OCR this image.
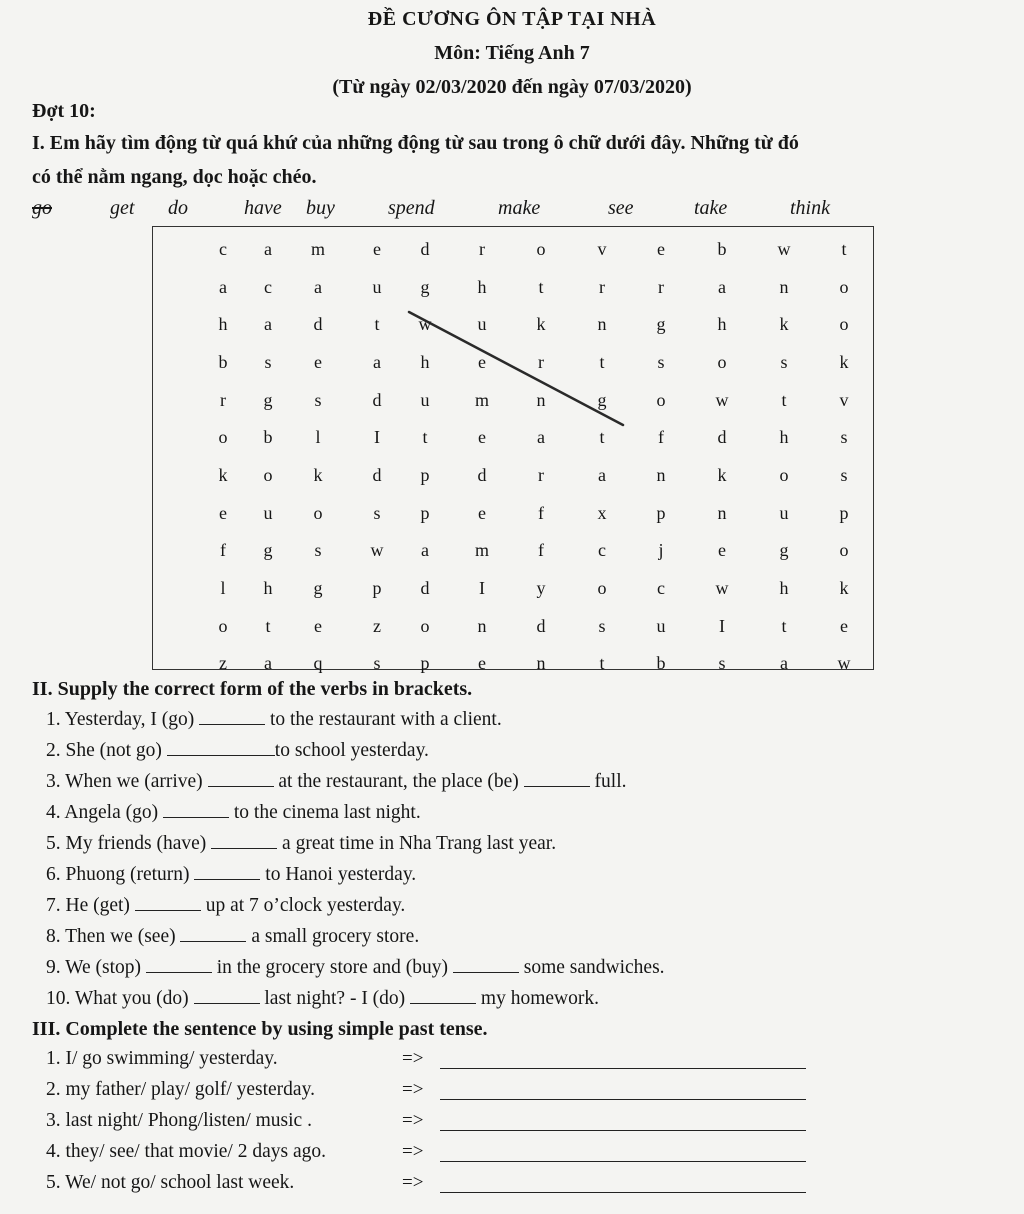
ĐỀ CƯƠNG ÔN TẬP TẠI NHÀ
Môn: Tiếng Anh 7
(Từ ngày 02/03/2020 đến ngày 07/03/2020)
Đợt 10:
I. Em hãy tìm động từ quá khứ của những động từ sau trong ô chữ dưới đây. Những từ đó
có thể nằm ngang, dọc hoặc chéo.
go	get do	have buy	spend	make	see	take	think
c	a	m	e	d	r	o	v	e	b	w	t
a	c	a	u	g	h	t	r	r	a	n	o
h	a	d	t	w	u	k	n	g	h	k	o
b	s	e	a	h	e	r	t	s	o	s	k
r	g	s	d	u	m	n	g	o	w	t	v
o	b	l	I	t	e	a	t	f	d	h	s
k	o	k	d	p	d	r	a	n	k	o	s
e	u	o	s	p	e	f	x	p	n	u	p
f	g	s	w	a	m	f	c	j	e	g	o
l	h	g	p	d	I	y	o	c	w	h	k
o	t	e	z	o	n	d	s	u	I	t	e
z	a	q	s	p	e	n	t	b	s	a	w
II. Supply the correct form of the verbs in brackets.
1. Yesterday, I (go)	to the restaurant with a client.
2. She (not go)	to school yesterday.
3. When we (arrive)	at the restaurant, the place (be)	full.
4. Angela (go)	to the cinema last night.
5. My friends (have)	a great time in Nha Trang last year.
6. Phuong (return)	to Hanoi yesterday.
7. He (get)	up at 7 o’clock yesterday.
8. Then we (see)	a small grocery store.
9. We (stop)	in the grocery store and (buy)	some sandwiches.
10. What you (do)	last night? - I (do)	my homework.
III. Complete the sentence by using simple past tense.
1. I/ go swimming/ yesterday.	=>
2. my father/ play/ golf/ yesterday.	=>
3. last night/ Phong/listen/ music .	=>
4. they/ see/ that movie/ 2 days ago.	=>
5. We/ not go/ school last week.	=>
